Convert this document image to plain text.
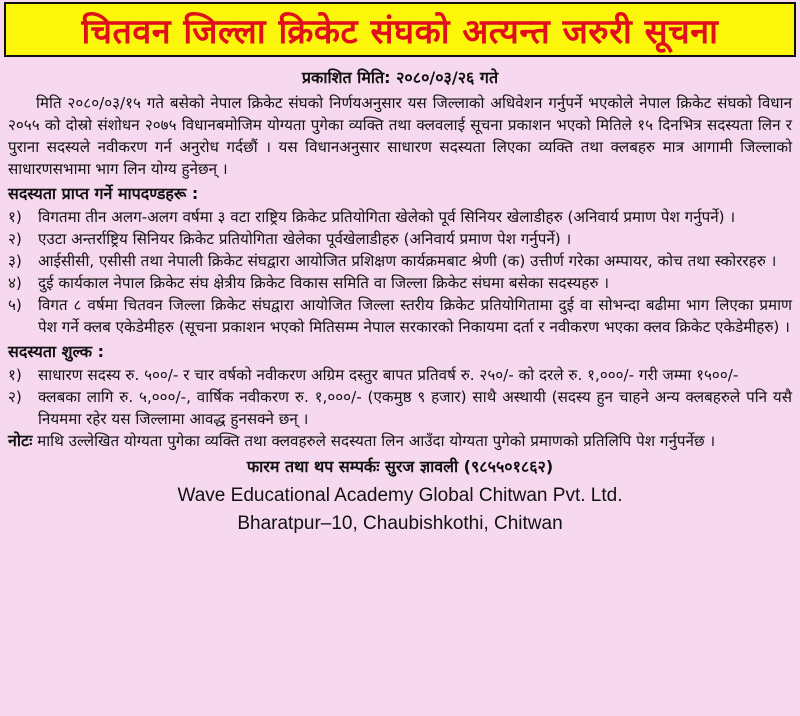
चितवन जिल्ला क्रिकेट संघको अत्यन्त जरुरी सूचना
प्रकाशित मिति: २०८०/०३/२६ गते

मिति २०८०/०३/१५ गते बसेको नेपाल क्रिकेट संघको निर्णयअनुसार यस जिल्लाको अधिवेशन गर्नुपर्ने भएकोले नेपाल क्रिकेट संघको विधान २०५५ को दोस्रो संशोधन २०७५ विधानबमोजिम योग्यता पुगेका व्यक्ति तथा क्लवलाई सूचना प्रकाशन भएको मितिले १५ दिनभित्र सदस्यता लिन र पुराना सदस्यले नवीकरण गर्न अनुरोध गर्दछौं । यस विधानअनुसार साधारण सदस्यता लिएका व्यक्ति तथा क्लबहरु मात्र आगामी जिल्लाको साधारणसभामा भाग लिन योग्य हुनेछन् ।

सदस्यता प्राप्त गर्ने मापदण्डहरू :
१)	विगतमा तीन अलग-अलग वर्षमा ३ वटा राष्ट्रिय क्रिकेट प्रतियोगिता खेलेको पूर्व सिनियर खेलाडीहरु (अनिवार्य प्रमाण पेश गर्नुपर्ने) ।
२)	एउटा अन्तर्राष्ट्रिय सिनियर क्रिकेट प्रतियोगिता खेलेका पूर्वखेलाडीहरु (अनिवार्य प्रमाण पेश गर्नुपर्ने) ।
३)	आईसीसी, एसीसी तथा नेपाली क्रिकेट संघद्वारा आयोजित प्रशिक्षण कार्यक्रमबाट श्रेणी (क) उत्तीर्ण गरेका अम्पायर, कोच तथा स्कोररहरु ।
४)	दुई कार्यकाल नेपाल क्रिकेट संघ क्षेत्रीय क्रिकेट विकास समिति वा जिल्ला क्रिकेट संघमा बसेका सदस्यहरु ।
५)	विगत ८ वर्षमा चितवन जिल्ला क्रिकेट संघद्वारा आयोजित जिल्ला स्तरीय क्रिकेट प्रतियोगितामा दुई वा सोभन्दा बढीमा भाग लिएका प्रमाण पेश गर्ने क्लब एकेडेमीहरु (सूचना प्रकाशन भएको मितिसम्म नेपाल सरकारको निकायमा दर्ता र नवीकरण भएका क्लव क्रिकेट एकेडेमीहरु) ।
सदस्यता शुल्क :
१)	साधारण सदस्य रु. ५००/- र चार वर्षको नवीकरण अग्रिम दस्तुर बापत प्रतिवर्ष रु. २५०/- को दरले रु. १,०००/- गरी जम्मा १५००/-
२)	क्लबका लागि रु. ५,०००/-, वार्षिक नवीकरण रु. १,०००/- (एकमुष्ठ ९ हजार) साथै अस्थायी (सदस्य हुन चाहने अन्य क्लबहरुले पनि यसै नियममा रहेर यस जिल्लामा आवद्ध हुनसक्ने छन् ।

नोटः माथि उल्लेखित योग्यता पुगेका व्यक्ति तथा क्लवहरुले सदस्यता लिन आउँदा योग्यता पुगेको प्रमाणको प्रतिलिपि पेश गर्नुपर्नेछ ।

फारम तथा थप सम्पर्कः सुरज ज्ञावली (९८५५०१८६२)
Wave Educational Academy Global Chitwan Pvt. Ltd.
Bharatpur–10, Chaubishkothi, Chitwan
